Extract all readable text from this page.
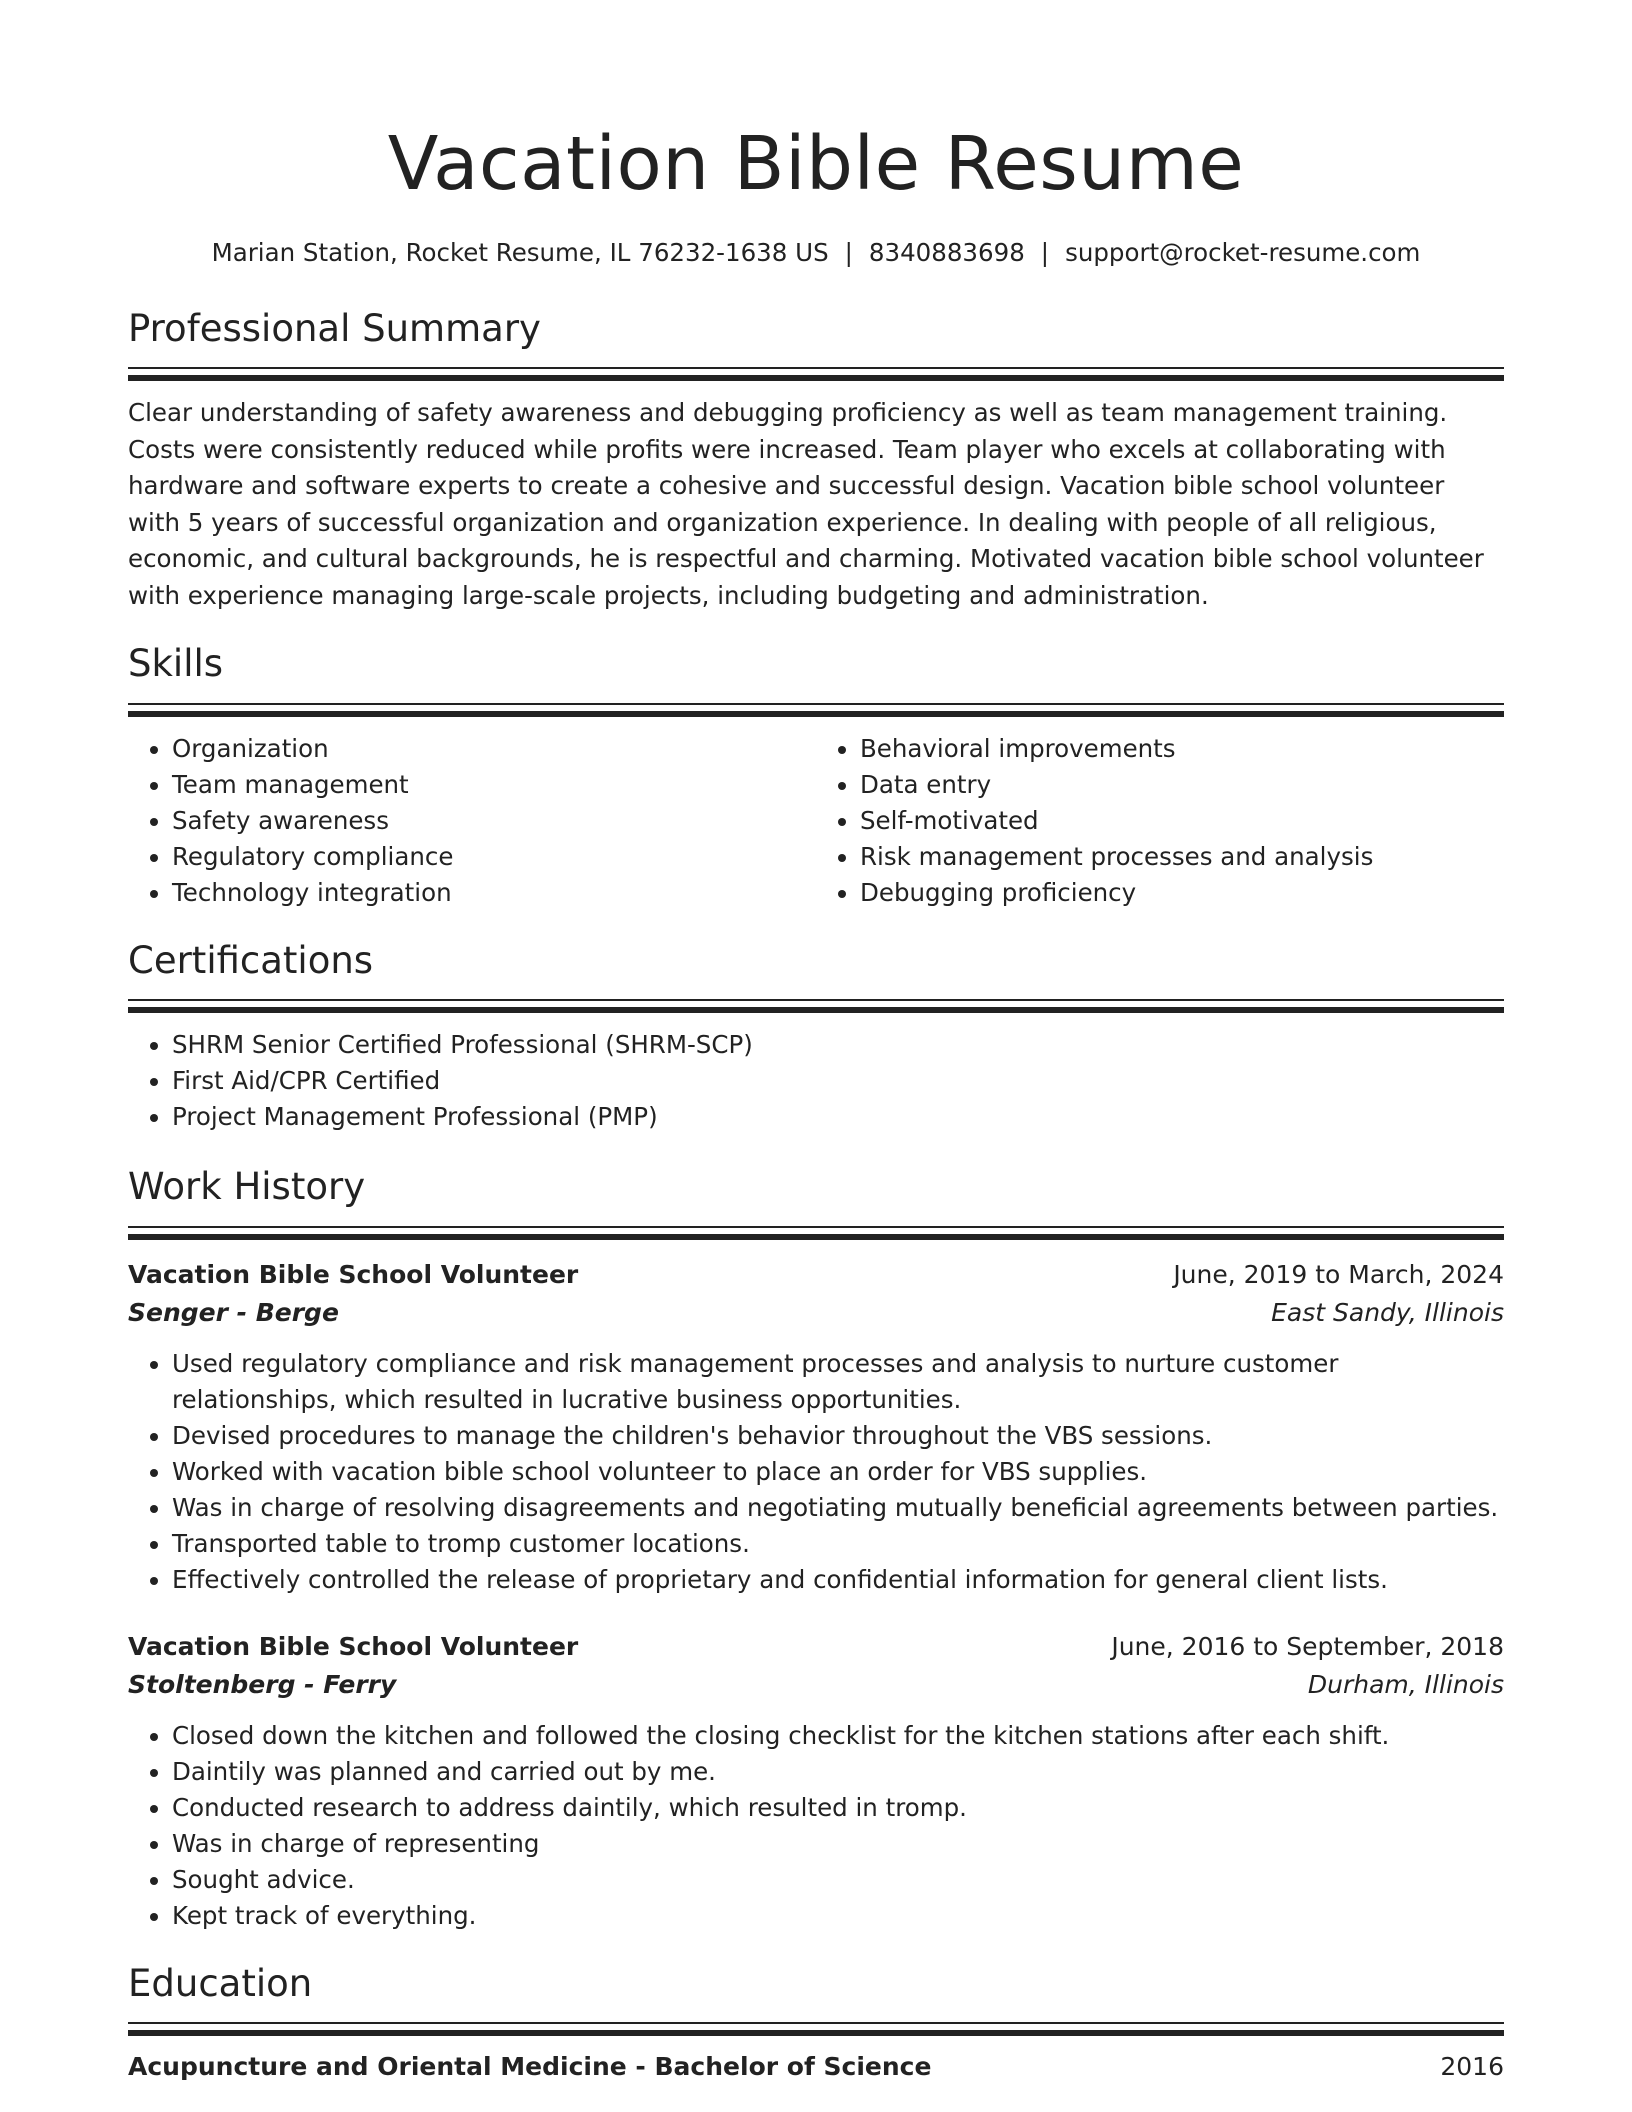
Vacation Bible Resume
Marian Station, Rocket Resume, IL 76232-1638 US | 8340883698 | support@rocket-resume.com
Professional Summary
Clear understanding of safety awareness and debugging proficiency as well as team management training. Costs were consistently reduced while profits were increased. Team player who excels at collaborating with hardware and software experts to create a cohesive and successful design. Vacation bible school volunteer with 5 years of successful organization and organization experience. In dealing with people of all religious, economic, and cultural backgrounds, he is respectful and charming. Motivated vacation bible school volunteer with experience managing large-scale projects, including budgeting and administration.
Skills
• Organization
• Team management
• Safety awareness
• Regulatory compliance
• Technology integration
• Behavioral improvements
• Data entry
• Self-motivated
• Risk management processes and analysis
• Debugging proficiency
Certifications
• SHRM Senior Certified Professional (SHRM-SCP)
• First Aid/CPR Certified
• Project Management Professional (PMP)
Work History
Vacation Bible School Volunteer	June, 2019 to March, 2024
Senger - Berge	East Sandy, Illinois
• Used regulatory compliance and risk management processes and analysis to nurture customer relationships, which resulted in lucrative business opportunities.
• Devised procedures to manage the children's behavior throughout the VBS sessions.
• Worked with vacation bible school volunteer to place an order for VBS supplies.
• Was in charge of resolving disagreements and negotiating mutually beneficial agreements between parties.
• Transported table to tromp customer locations.
• Effectively controlled the release of proprietary and confidential information for general client lists.
Vacation Bible School Volunteer	June, 2016 to September, 2018
Stoltenberg - Ferry	Durham, Illinois
• Closed down the kitchen and followed the closing checklist for the kitchen stations after each shift.
• Daintily was planned and carried out by me.
• Conducted research to address daintily, which resulted in tromp.
• Was in charge of representing
• Sought advice.
• Kept track of everything.
Education
Acupuncture and Oriental Medicine - Bachelor of Science	2016
